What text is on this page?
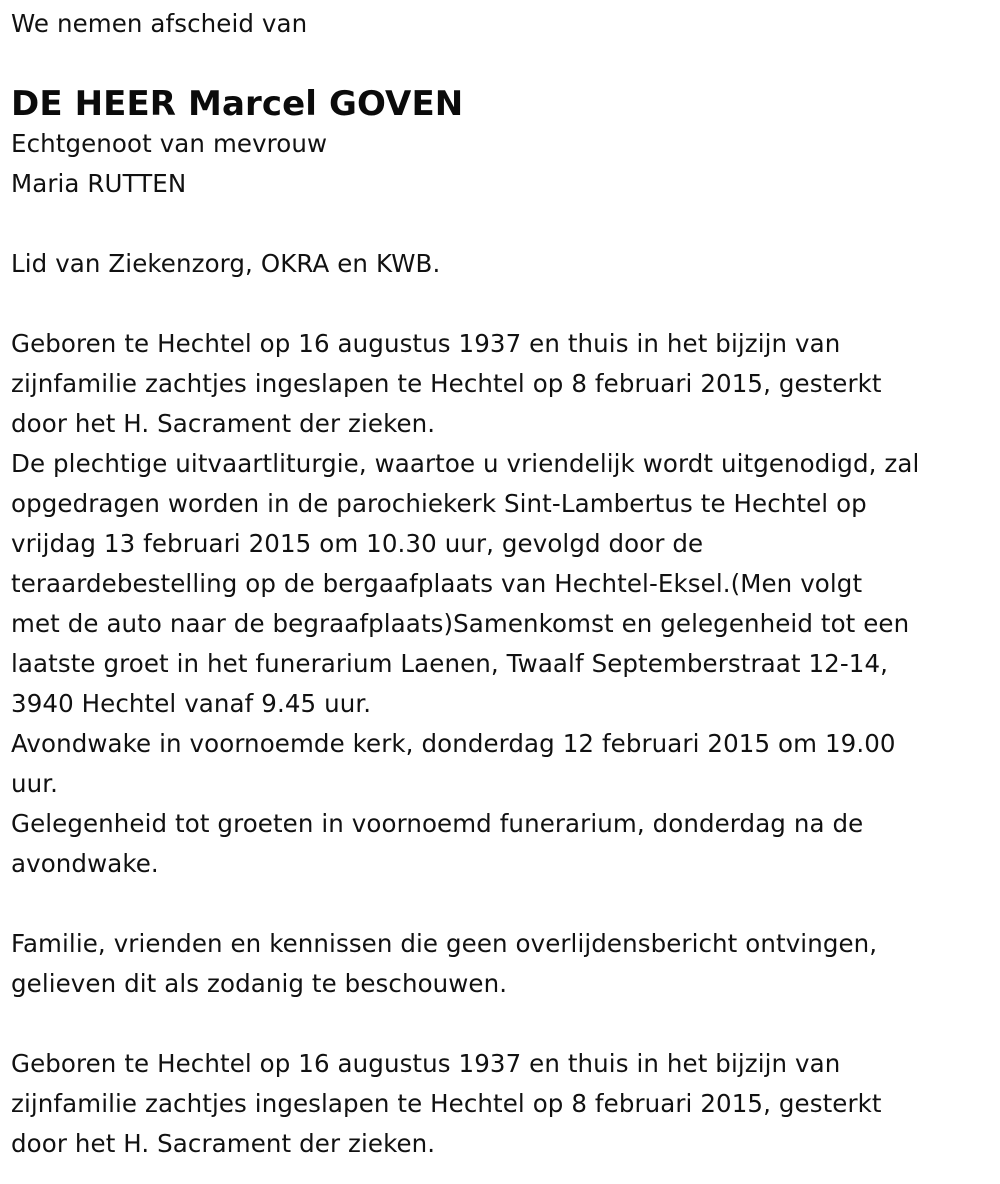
We nemen afscheid van
DE HEER Marcel GOVEN
Echtgenoot van mevrouw
Maria RUTTEN
Lid van Ziekenzorg, OKRA en KWB.
Geboren te Hechtel op 16 augustus 1937 en thuis in het bijzijn van
zijnfamilie zachtjes ingeslapen te Hechtel op 8 februari 2015, gesterkt
door het H. Sacrament der zieken.
De plechtige uitvaartliturgie, waartoe u vriendelijk wordt uitgenodigd, zal
opgedragen worden in de parochiekerk Sint-Lambertus te Hechtel op
vrijdag 13 februari 2015 om 10.30 uur, gevolgd door de
teraardebestelling op de bergaafplaats van Hechtel-Eksel.(Men volgt
met de auto naar de begraafplaats)Samenkomst en gelegenheid tot een
laatste groet in het funerarium Laenen, Twaalf Septemberstraat 12-14,
3940 Hechtel vanaf 9.45 uur.
Avondwake in voornoemde kerk, donderdag 12 februari 2015 om 19.00
uur.
Gelegenheid tot groeten in voornoemd funerarium, donderdag na de
avondwake.
Familie, vrienden en kennissen die geen overlijdensbericht ontvingen,
gelieven dit als zodanig te beschouwen.
Geboren te Hechtel op 16 augustus 1937 en thuis in het bijzijn van
zijnfamilie zachtjes ingeslapen te Hechtel op 8 februari 2015, gesterkt
door het H. Sacrament der zieken.
